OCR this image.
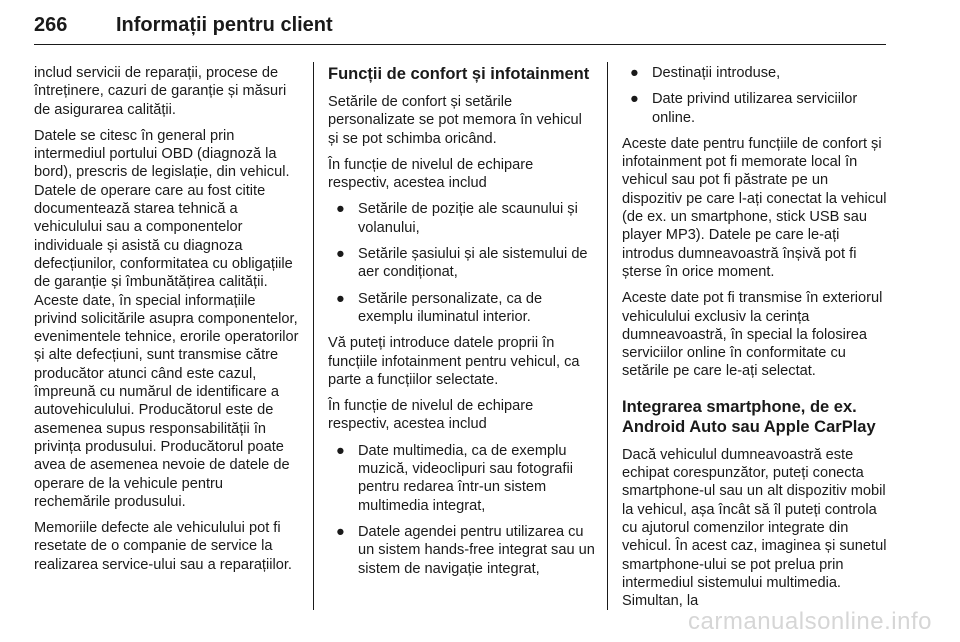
266 Informații pentru client

includ servicii de reparații, procese de întreținere, cazuri de garanție și măsuri de asigurarea calității.

Datele se citesc în general prin intermediul portului OBD (diagnoză la bord), prescris de legislație, din vehicul. Datele de operare care au fost citite documentează starea tehnică a vehiculului sau a componentelor individuale și asistă cu diagnoza defecțiunilor, conformitatea cu obligațiile de garanție și îmbunătățirea calității. Aceste date, în special informațiile privind solicitările asupra componentelor, evenimentele tehnice, erorile operatorilor și alte defecțiuni, sunt transmise către producător atunci când este cazul, împreună cu numărul de identificare a autovehiculului. Producătorul este de asemenea supus responsabilității în privința produsului. Producătorul poate avea de asemenea nevoie de datele de operare de la vehicule pentru rechemările produsului.

Memoriile defecte ale vehiculului pot fi resetate de o companie de service la realizarea service-ului sau a reparațiilor.

Funcții de confort și infotainment

Setările de confort și setările personalizate se pot memora în vehicul și se pot schimba oricând.

În funcție de nivelul de echipare respectiv, acestea includ

● Setările de poziție ale scaunului și volanului,
● Setările șasiului și ale sistemului de aer condiționat,
● Setările personalizate, ca de exemplu iluminatul interior.

Vă puteți introduce datele proprii în funcțiile infotainment pentru vehicul, ca parte a funcțiilor selectate.

În funcție de nivelul de echipare respectiv, acestea includ

● Date multimedia, ca de exemplu muzică, videoclipuri sau fotografii pentru redarea într-un sistem multimedia integrat,
● Datele agendei pentru utilizarea cu un sistem hands-free integrat sau un sistem de navigație integrat,
● Destinații introduse,
● Date privind utilizarea serviciilor online.

Aceste date pentru funcțiile de confort și infotainment pot fi memorate local în vehicul sau pot fi păstrate pe un dispozitiv pe care l-ați conectat la vehicul (de ex. un smartphone, stick USB sau player MP3). Datele pe care le-ați introdus dumneavoastră înșivă pot fi șterse în orice moment.

Aceste date pot fi transmise în exteriorul vehiculului exclusiv la cerința dumneavoastră, în special la folosirea serviciilor online în conformitate cu setările pe care le-ați selectat.

Integrarea smartphone, de ex. Android Auto sau Apple CarPlay

Dacă vehiculul dumneavoastră este echipat corespunzător, puteți conecta smartphone-ul sau un alt dispozitiv mobil la vehicul, așa încât să îl puteți controla cu ajutorul comenzilor integrate din vehicul. În acest caz, imaginea și sunetul smartphone-ului se pot prelua prin intermediul sistemului multimedia. Simultan, la

carmanualsonline.info
